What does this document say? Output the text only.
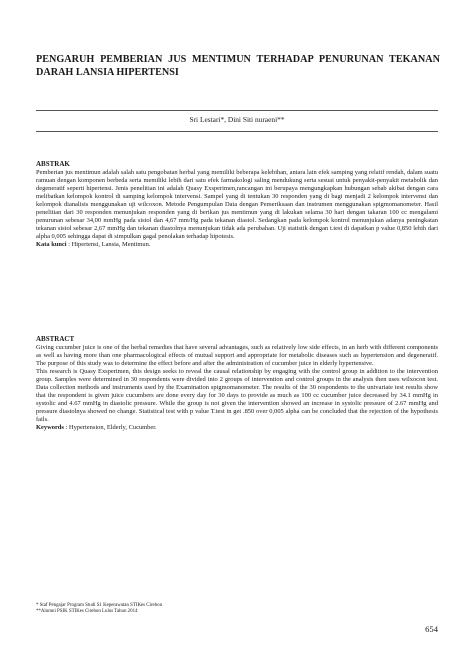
PENGARUH PEMBERIAN JUS MENTIMUN TERHADAP PENURUNAN TEKANAN DARAH LANSIA HIPERTENSI
Sri Lestari*, Dini Siti nuraeni**
ABSTRAK

Pemberian jus mentimun adalah salah satu pengobatan herbal yang memiliki beberapa kelebihan, antara lain efek samping yang relatif rendah, dalam suatu ramuan dengan komponen berbeda serta memiliki lebih dari satu efek farmakologi saling mendukung serta sesuai untuk penyakit-penyakit metabolik dan degeneratif seperti hipertensi. Jenis penelitian ini adalah Quasy Exsperimen,rancangan ini berupaya mengungkapkan hubungan sebab akibat dengan cara melibatkan kelompok kontrol di samping kelompok intervensi. Sampel yang di tentukan 30 responden yang di bagi menjadi 2 kelompok intervensi dan kelompok dianalisis menggunakan uji wilcoxon. Metode Pengumpulan Data dengan Pemeriksaan dan instrumen menggunakan spigmomanometer. Hasil penelitian dari 30 responden menunjukan responden yang di berikan jus mentimun yang di lakukan selama 30 hari dengan takaran 100 cc mengalami penurunan sebesar 34,00 mmHg pada sistol dan 4,67 mm/Hg pada tekanan diastol. Sedangkan pada kelompok kontrol menunjukan adanya peningkatan tekanan sistol sebesar 2,67 mmHg dan tekanan diastolnya menunjukan tidak ada perubahan. Uji statistik dengan t.test di dapatkan p value 0,850 lebih dari alpha 0,005 sehingga dapat di simpulkan gagal penolakan terhadap hipotesis.

Kata kunci : Hipertensi, Lansia, Mentimun.

ABSTRACT

Giving cucumber juice is one of the herbal remedies that have several advantages, such as relatively low side effects, in an herb with different components as well as having more than one pharmacological effects of mutual support and appropriate for metabolic diseases such as hypertension and degeneratif. The purpose of this study was to determine the effect before and after the administration of cucumber juice in elderly hypertensive.

This research is Quasy Exsperimen, this design seeks to reveal the causal relationship by engaging with the control group in addition to the intervention group. Samples were determined in 30 respondents were divided into 2 groups of intervention and control groups in the analysis then uses wilxocon test. Data collection methods and instruments used by the Examination spigmomanometer. The results of the 30 respondents to the univariate test results show that the respondent is given juice cucumbers are done every day for 30 days to provide as much as 100 cc cucumber juice decreased by 34.1 mmHg in systolic and 4.67 mmHg in diastolic pressure. While the group is not given the intervention showed an increase in systolic pressure of 2.67 mmHg and pressure diastolnya showed no change. Statistical test with p value T.test in get .850 over 0,005 alpha can be concluded that the rejection of the hypothesis fails.

Keywords : Hypertension, Elderly, Cucumber.

* Staf Pengajar Program Studi S1 Keperawatan STIKes Cirebon
**Alumni PSIK STIKes Cirebon Lulus Tahun 2014
654
